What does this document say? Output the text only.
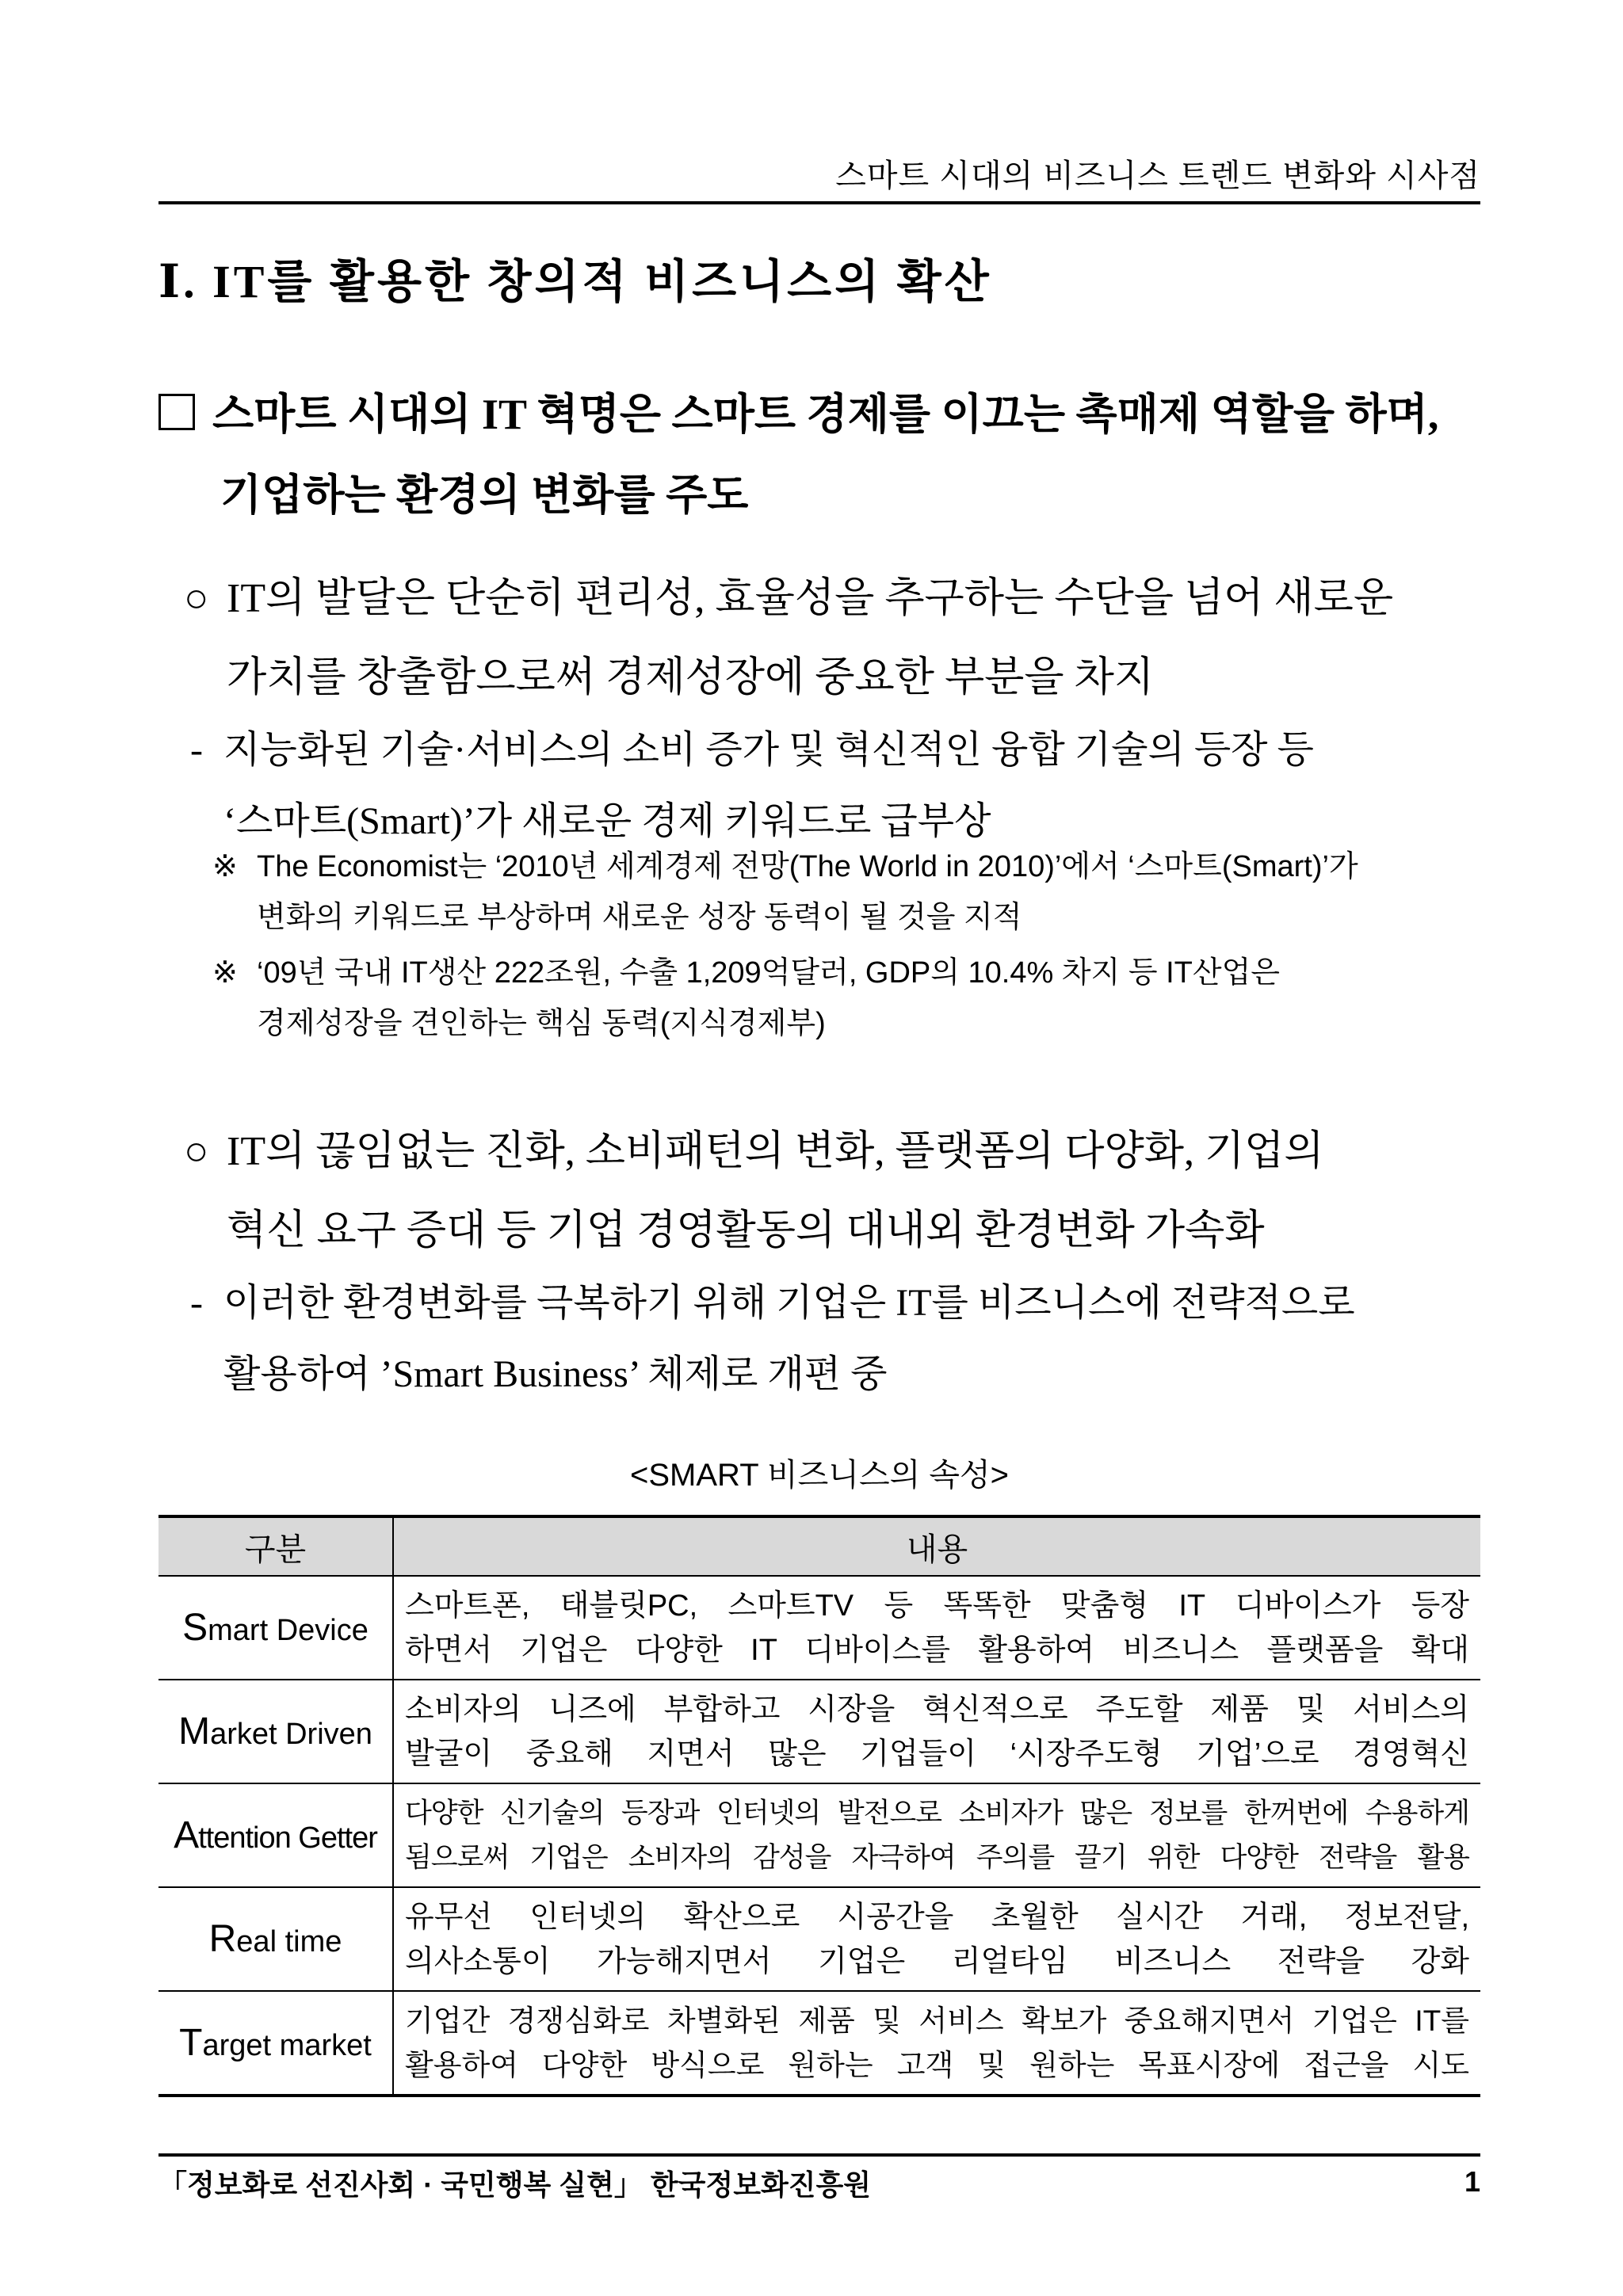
스마트 시대의 비즈니스 트렌드 변화와 시사점
Ⅰ. IT를 활용한 창의적 비즈니스의 확산
스마트 시대의 IT 혁명은 스마트 경제를 이끄는 촉매제 역할을 하며,
기업하는 환경의 변화를 주도
○ IT의 발달은 단순히 편리성, 효율성을 추구하는 수단을 넘어 새로운
가치를 창출함으로써 경제성장에 중요한 부분을 차지
- 지능화된 기술·서비스의 소비 증가 및 혁신적인 융합 기술의 등장 등
‘스마트(Smart)’가 새로운 경제 키워드로 급부상
※ The Economist는 ‘2010년 세계경제 전망(The World in 2010)’에서 ‘스마트(Smart)’가
변화의 키워드로 부상하며 새로운 성장 동력이 될 것을 지적
※ ‘09년 국내 IT생산 222조원, 수출 1,209억달러, GDP의 10.4% 차지 등 IT산업은
경제성장을 견인하는 핵심 동력(지식경제부)
○ IT의 끊임없는 진화, 소비패턴의 변화, 플랫폼의 다양화, 기업의
혁신 요구 증대 등 기업 경영활동의 대내외 환경변화 가속화
- 이러한 환경변화를 극복하기 위해 기업은 IT를 비즈니스에 전략적으로
활용하여 ’Smart Business’ 체제로 개편 중
<SMART 비즈니스의 속성>
구분	내용
Smart Device	스마트폰, 태블릿PC, 스마트TV 등 똑똑한 맞춤형 IT 디바이스가 등장
하면서 기업은 다양한 IT 디바이스를 활용하여 비즈니스 플랫폼을 확대

Market Driven	소비자의 니즈에 부합하고 시장을 혁신적으로 주도할 제품 및 서비스의
발굴이 중요해 지면서 많은 기업들이 ‘시장주도형 기업’으로 경영혁신

Attention Getter	다양한 신기술의 등장과 인터넷의 발전으로 소비자가 많은 정보를 한꺼번에 수용하게
됨으로써 기업은 소비자의 감성을 자극하여 주의를 끌기 위한 다양한 전략을 활용

Real time	유무선 인터넷의 확산으로 시공간을 초월한 실시간 거래, 정보전달,
의사소통이 가능해지면서 기업은 리얼타임 비즈니스 전략을 강화

Target market	기업간 경쟁심화로 차별화된 제품 및 서비스 확보가 중요해지면서 기업은 IT를
활용하여 다양한 방식으로 원하는 고객 및 원하는 목표시장에 접근을 시도
「정보화로 선진사회 · 국민행복 실현」 한국정보화진흥원	1
